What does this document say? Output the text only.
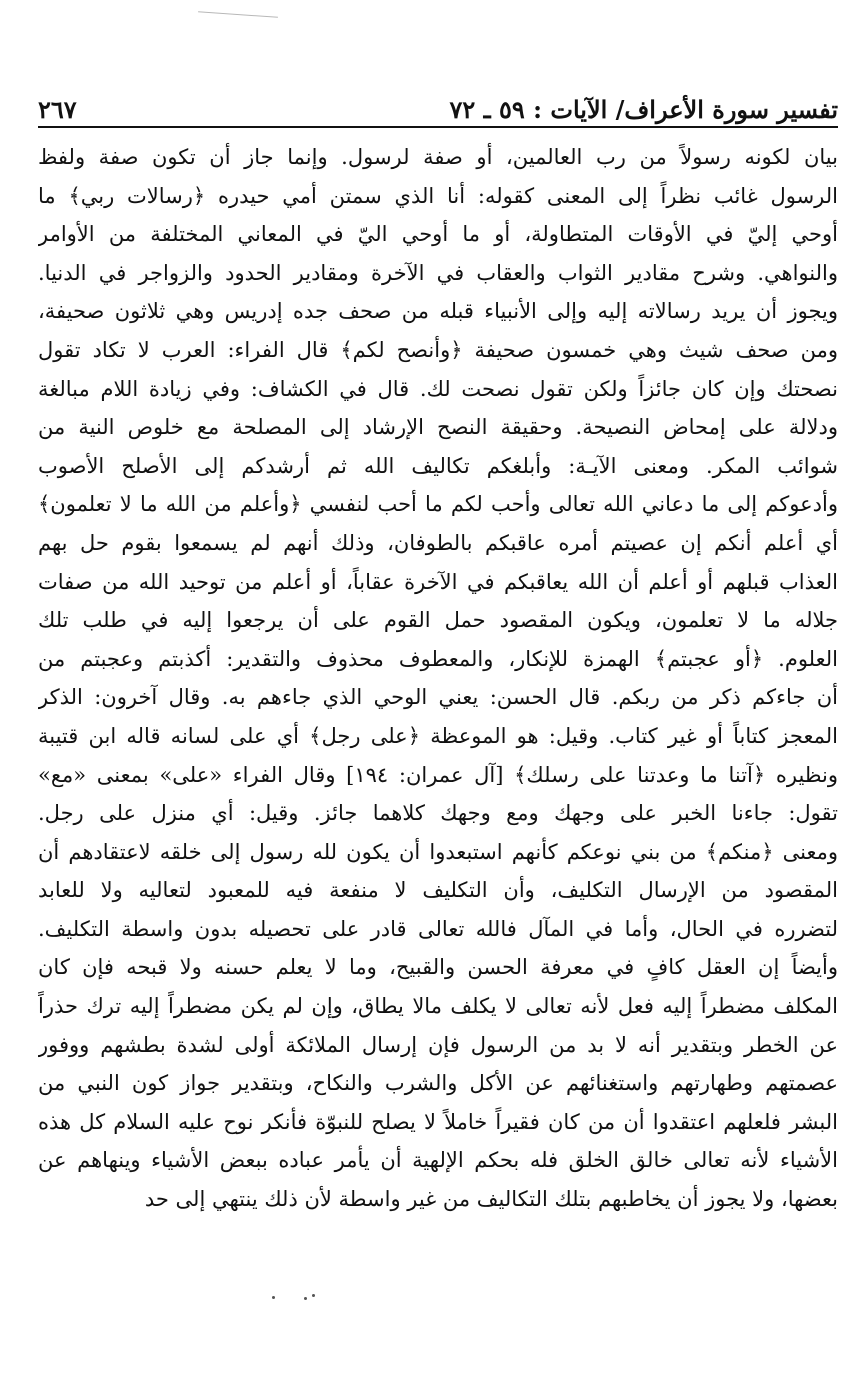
تفسير سورة الأعراف/ الآيات : ٥٩ ـ ٧٢
٢٦٧
بيان لكونه رسولاً من رب العالمين، أو صفة لرسول. وإنما جاز أن تكون صفة ولفظ
الرسول غائب نظراً إلى المعنى كقوله: أنا الذي سمتن أمي حيدره ﴿رسالات ربي﴾ ما
أوحي إليّ في الأوقات المتطاولة، أو ما أوحي اليّ في المعاني المختلفة من الأوامر
والنواهي. وشرح مقادير الثواب والعقاب في الآخرة ومقادير الحدود والزواجر في الدنيا.
ويجوز أن يريد رسالاته إليه وإلى الأنبياء قبله من صحف جده إدريس وهي ثلاثون صحيفة،
ومن صحف شيث وهي خمسون صحيفة ﴿وأنصح لكم﴾ قال الفراء: العرب لا تكاد تقول
نصحتك وإن كان جائزاً ولكن تقول نصحت لك. قال في الكشاف: وفي زيادة اللام مبالغة
ودلالة على إمحاض النصيحة. وحقيقة النصح الإرشاد إلى المصلحة مع خلوص النية من
شوائب المكر. ومعنى الآيـة: وأبلغكم تكاليف الله ثم أرشدكم إلى الأصلح الأصوب
وأدعوكم إلى ما دعاني الله تعالى وأحب لكم ما أحب لنفسي ﴿وأعلم من الله ما لا تعلمون﴾
أي أعلم أنكم إن عصيتم أمره عاقبكم بالطوفان، وذلك أنهم لم يسمعوا بقوم حل بهم
العذاب قبلهم أو أعلم أن الله يعاقبكم في الآخرة عقاباً، أو أعلم من توحيد الله من صفات
جلاله ما لا تعلمون، ويكون المقصود حمل القوم على أن يرجعوا إليه في طلب تلك
العلوم. ﴿أو عجبتم﴾ الهمزة للإنكار، والمعطوف محذوف والتقدير: أكذبتم وعجبتم من
أن جاءكم ذكر من ربكم. قال الحسن: يعني الوحي الذي جاءهم به. وقال آخرون: الذكر
المعجز كتاباً أو غير كتاب. وقيل: هو الموعظة ﴿على رجل﴾ أي على لسانه قاله ابن قتيبة
ونظيره ﴿آتنا ما وعدتنا على رسلك﴾ [آل عمران: ١٩٤] وقال الفراء «على» بمعنى «مع»
تقول: جاءنا الخبر على وجهك ومع وجهك كلاهما جائز. وقيل: أي منزل على رجل.
ومعنى ﴿منكم﴾ من بني نوعكم كأنهم استبعدوا أن يكون لله رسول إلى خلقه لاعتقادهم أن
المقصود من الإرسال التكليف، وأن التكليف لا منفعة فيه للمعبود لتعاليه ولا للعابد
لتضرره في الحال، وأما في المآل فالله تعالى قادر على تحصيله بدون واسطة التكليف.
وأيضاً إن العقل كافٍ في معرفة الحسن والقبيح، وما لا يعلم حسنه ولا قبحه فإن كان
المكلف مضطراً إليه فعل لأنه تعالى لا يكلف مالا يطاق، وإن لم يكن مضطراً إليه ترك حذراً
عن الخطر وبتقدير أنه لا بد من الرسول فإن إرسال الملائكة أولى لشدة بطشهم ووفور
عصمتهم وطهارتهم واستغنائهم عن الأكل والشرب والنكاح، وبتقدير جواز كون النبي من
البشر فلعلهم اعتقدوا أن من كان فقيراً خاملاً لا يصلح للنبوّة فأنكر نوح عليه السلام كل هذه
الأشياء لأنه تعالى خالق الخلق فله بحكم الإلهية أن يأمر عباده ببعض الأشياء وينهاهم عن
بعضها، ولا يجوز أن يخاطبهم بتلك التكاليف من غير واسطة لأن ذلك ينتهي إلى حد
